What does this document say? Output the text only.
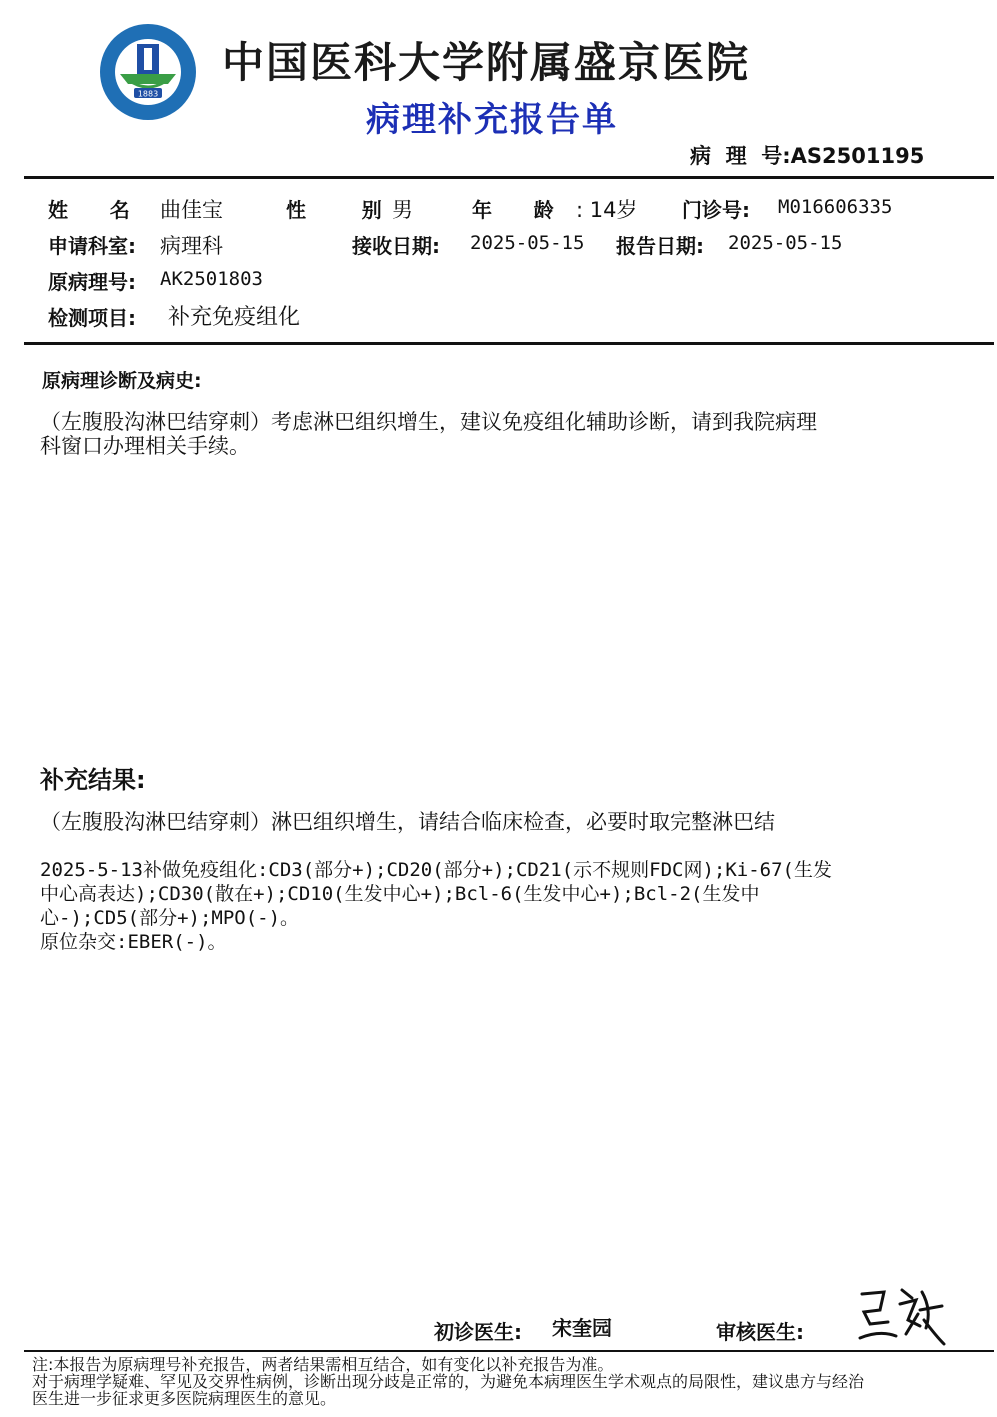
1883
中国医科大学附属盛京医院
病理补充报告单
病  理  号:AS2501195
姓      名 曲佳宝	性        别 男	年      龄 : 14岁 门诊号: M016606335
申请科室: 病理科	接收日期: 2025-05-15 报告日期: 2025-05-15
原病理号: AK2501803
检测项目: 补充免疫组化
原病理诊断及病史:
（左腹股沟淋巴结穿刺）考虑淋巴组织增生，建议免疫组化辅助诊断，请到我院病理
科窗口办理相关手续。
补充结果:
（左腹股沟淋巴结穿刺）淋巴组织增生，请结合临床检查，必要时取完整淋巴结
2025-5-13补做免疫组化:CD3(部分+);CD20(部分+);CD21(示不规则FDC网);Ki-67(生发
中心高表达);CD30(散在+);CD10(生发中心+);Bcl-6(生发中心+);Bcl-2(生发中
心-);CD5(部分+);MPO(-)。
原位杂交:EBER(-)。
初诊医生: 宋奎园	审核医生:
注:本报告为原病理号补充报告，两者结果需相互结合，如有变化以补充报告为准。
对于病理学疑难、罕见及交界性病例，诊断出现分歧是正常的，为避免本病理医生学术观点的局限性，建议患方与经治
医生进一步征求更多医院病理医生的意见。
